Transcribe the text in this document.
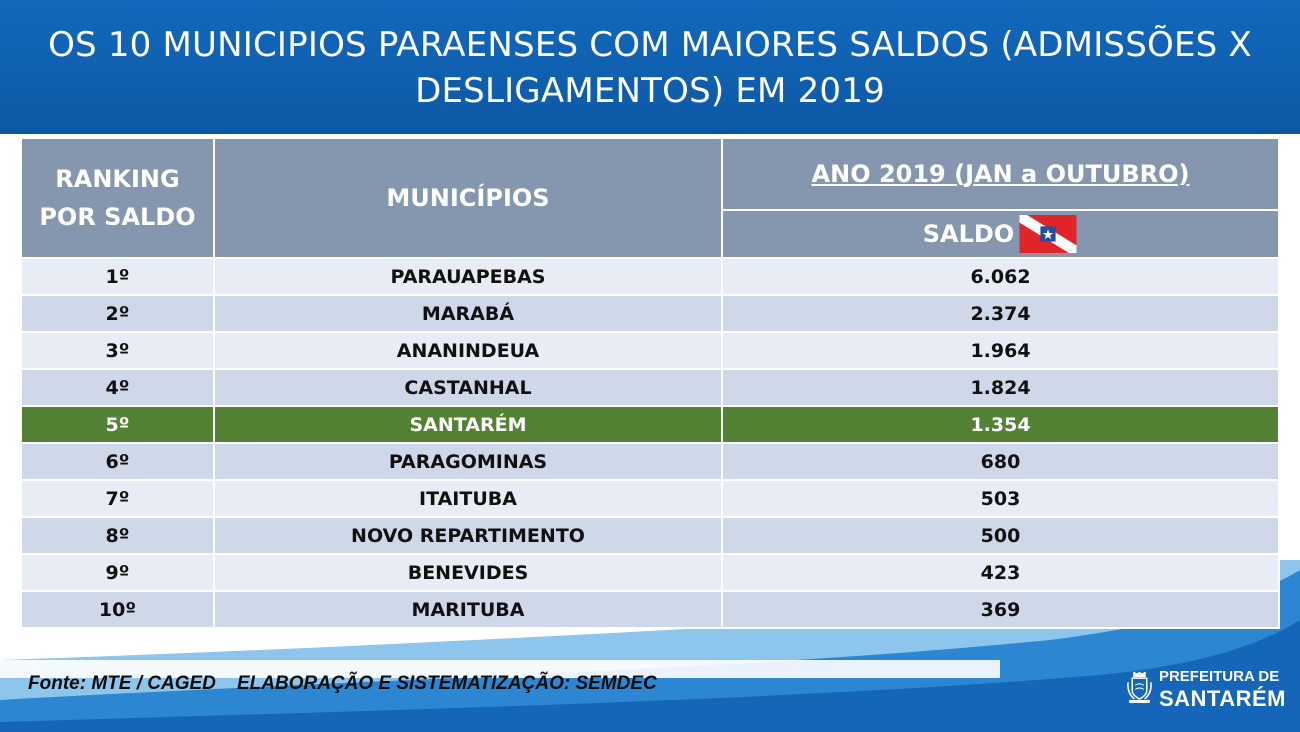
OS 10 MUNICIPIOS PARAENSES COM MAIORES SALDOS (ADMISSÕES X
DESLIGAMENTOS) EM 2019
RANKING
POR SALDO	MUNICÍPIOS	ANO 2019 (JAN a OUTUBRO)

		SALDO

1º	PARAUAPEBAS	6.062
2º	MARABÁ	2.374
3º	ANANINDEUA	1.964
4º	CASTANHAL	1.824
5º	SANTARÉM	1.354
6º	PARAGOMINAS	680
7º	ITAITUBA	503
8º	NOVO REPARTIMENTO	500
9º	BENEVIDES	423
10º	MARITUBA	369
Fonte: MTE / CAGED    ELABORAÇÃO E SISTEMATIZAÇÃO: SEMDEC	PREFEITURA DE
SANTARÉM
